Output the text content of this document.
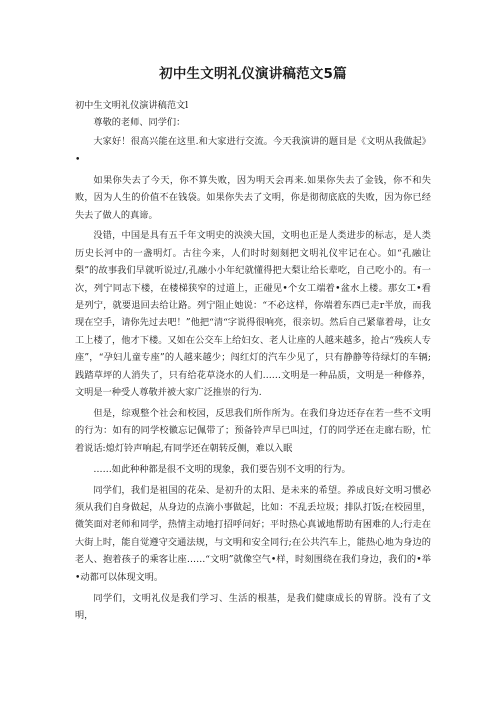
初中生文明礼仪演讲稿范文5篇

初中生文明礼仪演讲稿范文l

尊敬的老师、同学们：

大家好！很高兴能在这里.和大家进行交流。今天我演讲的题目是《文明从我做起》•

如果你失去了今天，你不算失败，因为明天会再来.如果你失去了金钱，你不和失败，因为人生的价值不在钱袋。如果你失去了文明，你是彻彻底底的失败，因为你已经失去了做人的真谛。

没错，中国是具有五千年文明史的泱泱大国，文明也正是人类进步的标志，是人类历史长河中的一盏明灯。古往今来，人们时时刻刻把文明礼仪牢记在心。如“孔融让梨”的故事我们早就听说过/,孔融小小年纪就懂得把大梨让给长辈吃，自己吃小的。有一次，列宁同志下楼，在楼梯狭窄的过道上，正碰见•个女工端着•盆水上楼。那女工•看是列宁，就要退回去给让路。列宁阻止她说：“不必这样，你端着东西已走r半放，而我现在空手，请你先过去吧！”他把“清“字说得很响亮，很亲切。然后自己紧靠着母，让女工上楼了，他才下楼。又如在公交车上给妇女、老人让座的人越来越多，抢占“残疾人专座”，“孕妇儿童专座”的人越来越少；闯红灯的汽车少见了，只有静静等待绿灯的车辆;践踏草坪的人消失了，只有给花草浇水的人们……文明是一种品质，文明是一种修养，文明是一种受人尊敬并被大家广泛推崇的行为.

但是，综观整个社会和校园，反思我们所作所为。在我们身边还存在若一些不文明的行为：如有的同学校徽忘记佩带了；预备铃声早已叫过，仃的同学还在走廊右盼，忙着说话:熄灯铃声响起,有同学还在朝转反侧，难以入眠

……如此种种都是很不文明的现象，我们要告别不文明的行为。

同学们，我们是祖国的花朵、是初升的太阳、是未来的希望。养成良好文明习惯必须从我们自身做起，从身边的点滴小事做起，比如：不乱丢垃圾；排队打饭;在校园里，微笑面对老师和同学，热情主动地打招呼问好；平时热心真诚地帮助有困难的人;行走在大街上时，能自觉遵守交通法规，与文明和安全同行;在公共汽车上，能热心地为身边的老人、抱着孩子的乘客让座……“文明”就像空气•样，时刻围绕在我们身边，我们的•举•动都可以体现文明。

同学们，文明礼仪是我们学习、生活的根基，是我们健康成长的胃脐。没有了文明，
